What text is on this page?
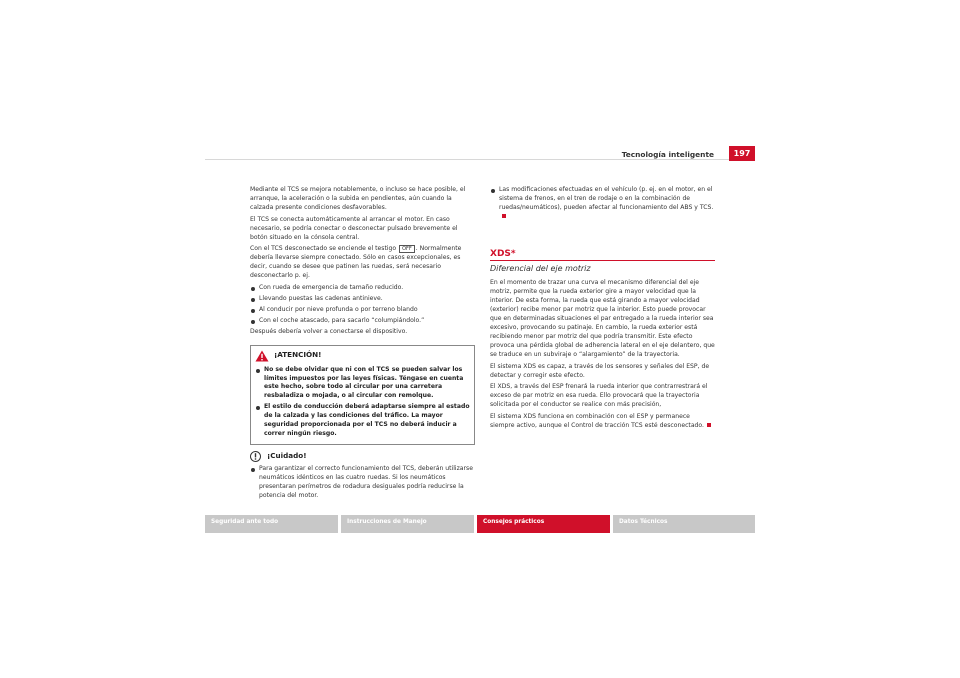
Tecnología inteligente	197

Mediante el TCS se mejora notablemente, o incluso se hace posible, el arranque, la aceleración o la subida en pendientes, aún cuando la calzada presente condiciones desfavorables.

El TCS se conecta automáticamente al arrancar el motor. En caso necesario, se podría conectar o desconectar pulsado brevemente el botón situado en la cónsola central.

Con el TCS desconectado se enciende el testigo OFF . Normalmente debería llevarse siempre conectado. Sólo en casos excepcionales, es decir, cuando se desee que patinen las ruedas, será necesario desconectarlo p. ej.

Con rueda de emergencia de tamaño reducido.
Llevando puestas las cadenas antinieve.
Al conducir por nieve profunda o por terreno blando
Con el coche atascado, para sacarlo “columpiándolo.”

Después debería volver a conectarse el dispositivo.

¡ATENCIÓN!
No se debe olvidar que ni con el TCS se pueden salvar los límites impuestos por las leyes físicas. Téngase en cuenta este hecho, sobre todo al circular por una carretera resbaladiza o mojada, o al circular con remolque.
El estilo de conducción deberá adaptarse siempre al estado de la calzada y las condiciones del tráfico. La mayor seguridad proporcionada por el TCS no deberá inducir a correr ningún riesgo.
¡Cuidado!
Para garantizar el correcto funcionamiento del TCS, deberán utilizarse neumáticos idénticos en las cuatro ruedas. Si los neumáticos presentaran perímetros de rodadura desiguales podría reducirse la potencia del motor.
Las modificaciones efectuadas en el vehículo (p. ej. en el motor, en el sistema de frenos, en el tren de rodaje o en la combinación de ruedas/neumáticos), pueden afectar al funcionamiento del ABS y TCS.
XDS*
Diferencial del eje motriz

En el momento de trazar una curva el mecanismo diferencial del eje motriz, permite que la rueda exterior gire a mayor velocidad que la interior. De esta forma, la rueda que está girando a mayor velocidad (exterior) recibe menor par motriz que la interior. Esto puede provocar que en determinadas situaciones el par entregado a la rueda interior sea excesivo, provocando su patinaje. En cambio, la rueda exterior está recibiendo menor par motriz del que podría transmitir. Este efecto provoca una pérdida global de adherencia lateral en el eje delantero, que se traduce en un subviraje o “alargamiento” de la trayectoria.

El sistema XDS es capaz, a través de los sensores y señales del ESP, de detectar y corregir este efecto.

El XDS, a través del ESP frenará la rueda interior que contrarrestrará el exceso de par motriz en esa rueda. Ello provocará que la trayectoria solicitada por el conductor se realice con más precisión,

El sistema XDS funciona en combinación con el ESP y permanece siempre activo, aunque el Control de tracción TCS esté desconectado.

Seguridad ante todo	Instrucciones de Manejo	Consejos prácticos	Datos Técnicos
